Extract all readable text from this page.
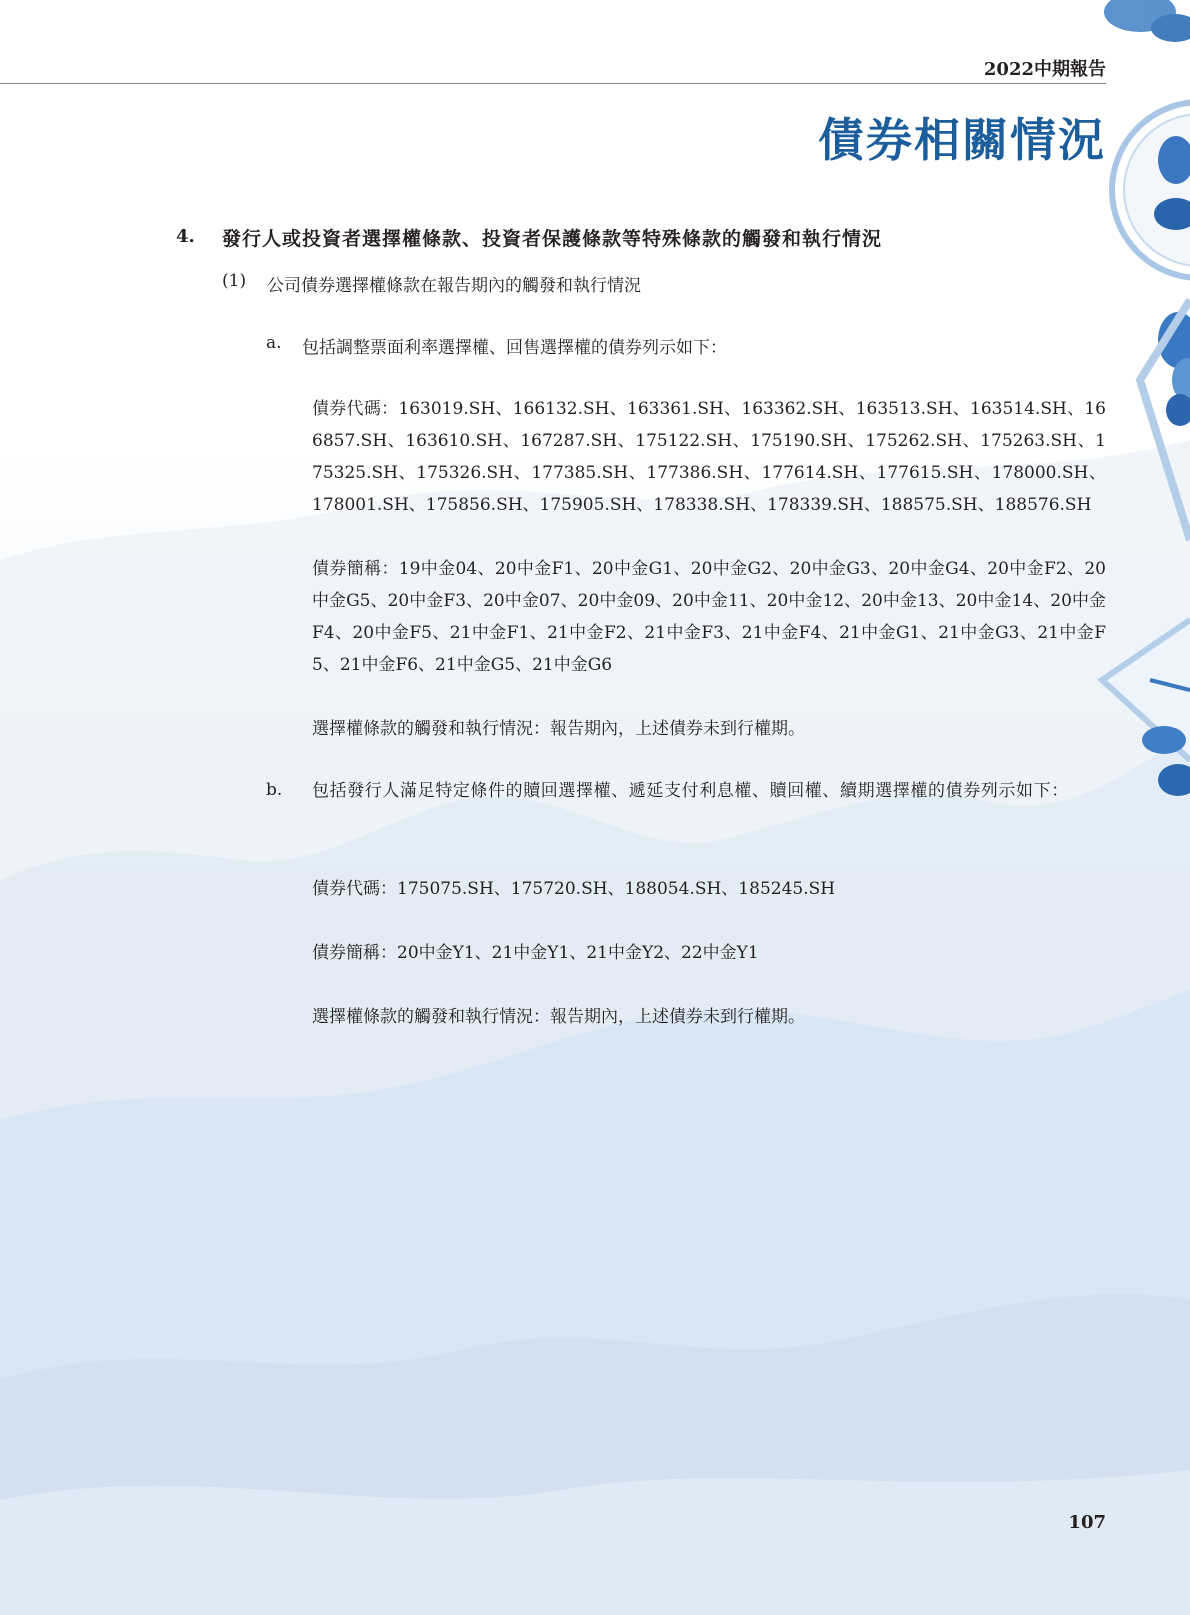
2022中期報告
債券相關情況
4. 發行人或投資者選擇權條款、投資者保護條款等特殊條款的觸發和執行情況
(1) 公司債券選擇權條款在報告期內的觸發和執行情況
a. 包括調整票面利率選擇權、回售選擇權的債券列示如下：
債券代碼：163019.SH、166132.SH、163361.SH、163362.SH、163513.SH、163514.SH、166857.SH、163610.SH、167287.SH、175122.SH、175190.SH、175262.SH、175263.SH、175325.SH、175326.SH、177385.SH、177386.SH、177614.SH、177615.SH、178000.SH、178001.SH、175856.SH、175905.SH、178338.SH、178339.SH、188575.SH、188576.SH
債券簡稱：19中金04、20中金F1、20中金G1、20中金G2、20中金G3、20中金G4、20中金F2、20中金G5、20中金F3、20中金07、20中金09、20中金11、20中金12、20中金13、20中金14、20中金F4、20中金F5、21中金F1、21中金F2、21中金F3、21中金F4、21中金G1、21中金G3、21中金F5、21中金F6、21中金G5、21中金G6
選擇權條款的觸發和執行情況：報告期內，上述債券未到行權期。
b. 包括發行人滿足特定條件的贖回選擇權、遞延支付利息權、贖回權、續期選擇權的債券列示如下：
債券代碼：175075.SH、175720.SH、188054.SH、185245.SH
債券簡稱：20中金Y1、21中金Y1、21中金Y2、22中金Y1
選擇權條款的觸發和執行情況：報告期內，上述債券未到行權期。
107
